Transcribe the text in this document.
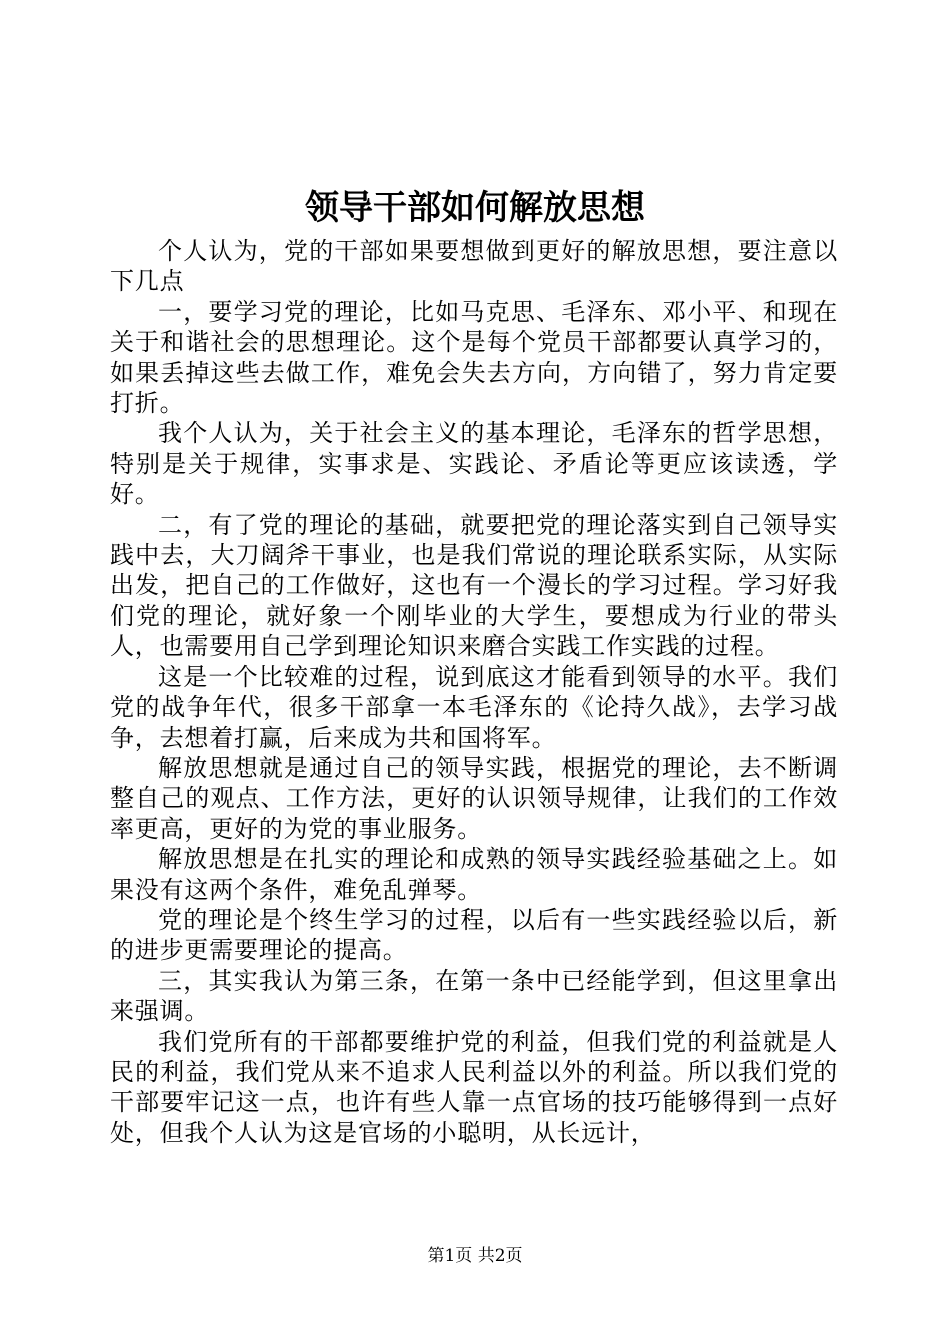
领导干部如何解放思想

个人认为，党的干部如果要想做到更好的解放思想，要注意以下几点

一，要学习党的理论，比如马克思、毛泽东、邓小平、和现在关于和谐社会的思想理论。这个是每个党员干部都要认真学习的，如果丢掉这些去做工作，难免会失去方向，方向错了，努力肯定要打折。

我个人认为，关于社会主义的基本理论，毛泽东的哲学思想，特别是关于规律，实事求是、实践论、矛盾论等更应该读透，学好。

二，有了党的理论的基础，就要把党的理论落实到自己领导实践中去，大刀阔斧干事业，也是我们常说的理论联系实际，从实际出发，把自己的工作做好，这也有一个漫长的学习过程。学习好我们党的理论，就好象一个刚毕业的大学生，要想成为行业的带头人，也需要用自己学到理论知识来磨合实践工作实践的过程。

这是一个比较难的过程，说到底这才能看到领导的水平。我们党的战争年代，很多干部拿一本毛泽东的《论持久战》，去学习战争，去想着打赢，后来成为共和国将军。

解放思想就是通过自己的领导实践，根据党的理论，去不断调整自己的观点、工作方法，更好的认识领导规律，让我们的工作效率更高，更好的为党的事业服务。

解放思想是在扎实的理论和成熟的领导实践经验基础之上。如果没有这两个条件，难免乱弹琴。

党的理论是个终生学习的过程，以后有一些实践经验以后，新的进步更需要理论的提高。

三，其实我认为第三条，在第一条中已经能学到，但这里拿出来强调。

我们党所有的干部都要维护党的利益，但我们党的利益就是人民的利益，我们党从来不追求人民利益以外的利益。所以我们党的干部要牢记这一点，也许有些人靠一点官场的技巧能够得到一点好处，但我个人认为这是官场的小聪明，从长远计，

第1页 共2页
